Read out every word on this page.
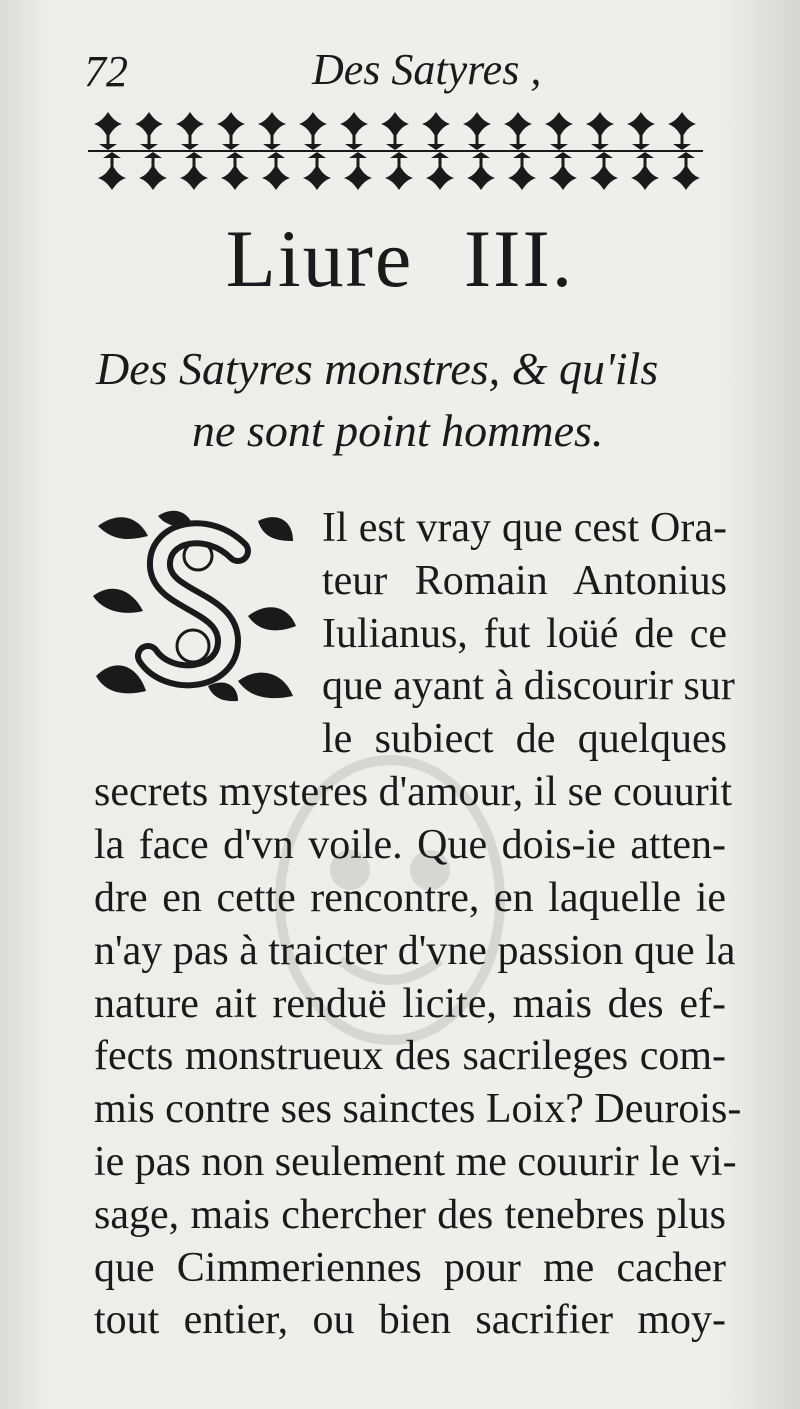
72	Des Satyres ,
Liure III.
Des Satyres monstres, & qu'ils
ne sont point hommes.
Il est vray que cest Ora-
teur Romain Antonius
Iulianus, fut loüé de ce
que ayant à discourir sur
le subiect de quelques
secrets mysteres d'amour, il se couurit
la face d'vn voile. Que dois-ie atten-
dre en cette rencontre, en laquelle ie
n'ay pas à traicter d'vne passion que la
nature ait renduë licite, mais des ef-
fects monstrueux des sacrileges com-
mis contre ses sainctes Loix? Deurois-
ie pas non seulement me couurir le vi-
sage, mais chercher des tenebres plus
que Cimmeriennes pour me cacher
tout entier, ou bien sacrifier moy-
